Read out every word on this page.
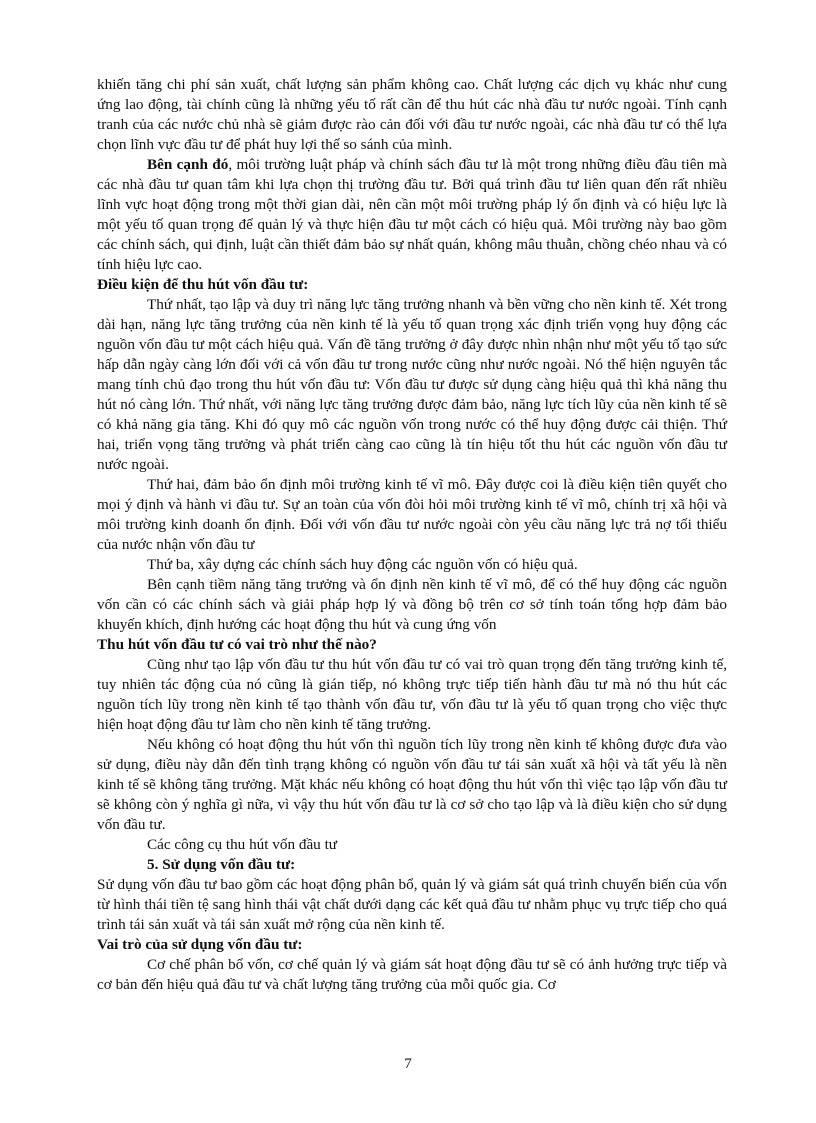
khiến tăng chi phí sản xuất, chất lượng sản phẩm không cao. Chất lượng các dịch vụ khác như cung ứng lao động, tài chính cũng là những yếu tố rất cần để thu hút các nhà đầu tư nước ngoài. Tính cạnh tranh của các nước chủ nhà sẽ giảm được rào cản đối với đầu tư nước ngoài, các nhà đầu tư có thể lựa chọn lĩnh vực đầu tư để phát huy lợi thế so sánh của mình.

Bên cạnh đó, môi trường luật pháp và chính sách đầu tư là một trong những điều đầu tiên mà các nhà đầu tư quan tâm khi lựa chọn thị trường đầu tư. Bởi quá trình đầu tư liên quan đến rất nhiều lĩnh vực hoạt động trong một thời gian dài, nên cần một môi trường pháp lý ổn định và có hiệu lực là một yếu tố quan trọng để quản lý và thực hiện đầu tư một cách có hiệu quả. Môi trường này bao gồm các chính sách, qui định, luật cần thiết đảm bảo sự nhất quán, không mâu thuẫn, chồng chéo nhau và có tính hiệu lực cao.

Điều kiện để thu hút vốn đầu tư:

Thứ nhất, tạo lập và duy trì năng lực tăng trưởng nhanh và bền vững cho nền kinh tế. Xét trong dài hạn, năng lực tăng trưởng của nền kinh tế là yếu tố quan trọng xác định triển vọng huy động các nguồn vốn đầu tư một cách hiệu quả. Vấn đề tăng trưởng ở đây được nhìn nhận như một yếu tố tạo sức hấp dẫn ngày càng lớn đối với cả vốn đầu tư trong nước cũng như nước ngoài. Nó thể hiện nguyên tắc mang tính chủ đạo trong thu hút vốn đầu tư: Vốn đầu tư được sử dụng càng hiệu quả thì khả năng thu hút nó càng lớn. Thứ nhất, với năng lực tăng trưởng được đảm bảo, năng lực tích lũy của nền kinh tế sẽ có khả năng gia tăng. Khi đó quy mô các nguồn vốn trong nước có thể huy động được cải thiện. Thứ hai, triển vọng tăng trưởng và phát triển càng cao cũng là tín hiệu tốt thu hút các nguồn vốn đầu tư nước ngoài.

Thứ hai, đảm bảo ổn định môi trường kinh tế vĩ mô. Đây được coi là điều kiện tiên quyết cho mọi ý định và hành vi đầu tư. Sự an toàn của vốn đòi hỏi môi trường kinh tế vĩ mô, chính trị xã hội và môi trường kinh doanh ổn định. Đối với vốn đầu tư nước ngoài còn yêu cầu năng lực trả nợ tối thiểu của nước nhận vốn đầu tư

Thứ ba, xây dựng các chính sách huy động các nguồn vốn có hiệu quả.

Bên cạnh tiềm năng tăng trưởng và ổn định nền kinh tế vĩ mô, để có thể huy động các nguồn vốn cần có các chính sách và giải pháp hợp lý và đồng bộ trên cơ sở tính toán tổng hợp đảm bảo khuyến khích, định hướng các hoạt động thu hút và cung ứng vốn

Thu hút vốn đầu tư có vai trò như thế nào?

Cũng như tạo lập vốn đầu tư thu hút vốn đầu tư có vai trò quan trọng đến tăng trưởng kinh tế, tuy nhiên tác động của nó cũng là gián tiếp, nó không trực tiếp tiến hành đầu tư mà nó thu hút các nguồn tích lũy trong nền kinh tế tạo thành vốn đầu tư, vốn đầu tư là yếu tố quan trọng cho việc thực hiện hoạt động đầu tư làm cho nền kinh tế tăng trưởng.

Nếu không có hoạt động thu hút vốn thì nguồn tích lũy trong nền kinh tế không được đưa vào sử dụng, điều này dẫn đến tình trạng không có nguồn vốn đầu tư tái sản xuất xã hội và tất yếu là nền kinh tế sẽ không tăng trưởng. Mặt khác nếu không có hoạt động thu hút vốn thì việc tạo lập vốn đầu tư sẽ không còn ý nghĩa gì nữa, vì vậy thu hút vốn đầu tư là cơ sở cho tạo lập và là điều kiện cho sử dụng vốn đầu tư.

Các công cụ thu hút vốn đầu tư

5. Sử dụng vốn đầu tư:

Sử dụng vốn đầu tư bao gồm các hoạt động phân bổ, quản lý và giám sát quá trình chuyển biến của vốn từ hình thái tiền tệ sang hình thái vật chất dưới dạng các kết quả đầu tư nhằm phục vụ trực tiếp cho quá trình tái sản xuất và tái sản xuất mở rộng của nền kinh tế.

Vai trò của sử dụng vốn đầu tư:

Cơ chế phân bổ vốn, cơ chế quản lý và giám sát hoạt động đầu tư sẽ có ảnh hưởng trực tiếp và cơ bản đến hiệu quả đầu tư và chất lượng tăng trưởng của mỗi quốc gia. Cơ

7
